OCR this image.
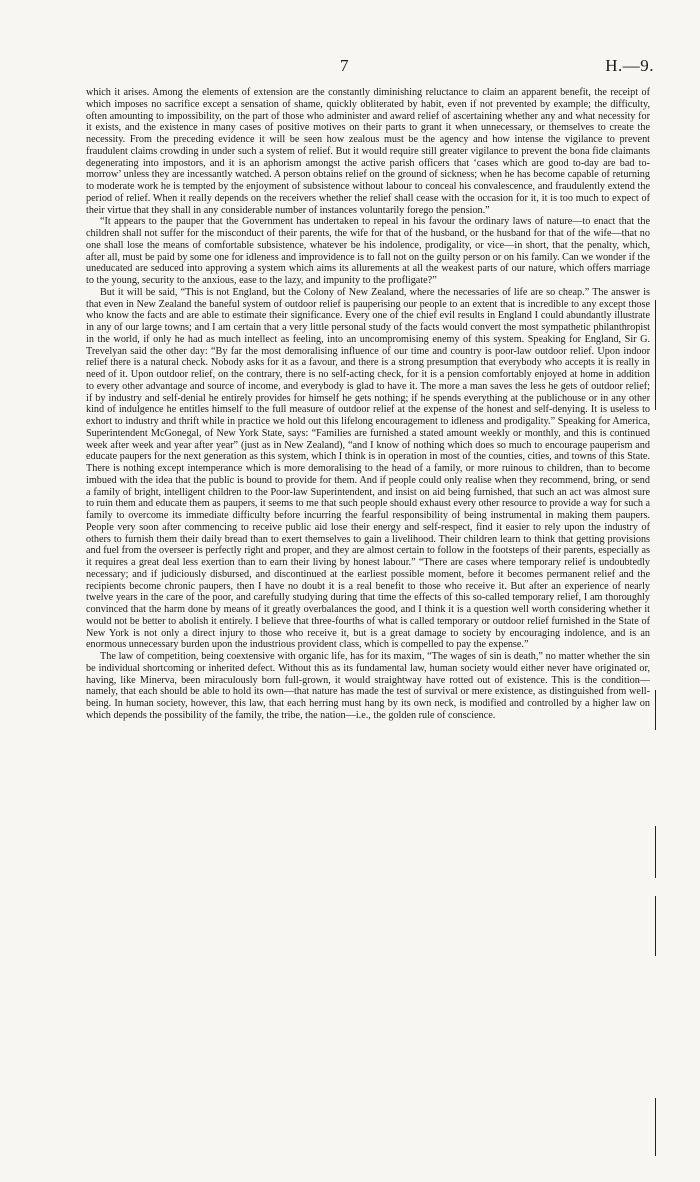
7	H.—9.

which it arises. Among the elements of extension are the constantly diminishing reluctance to claim an apparent benefit, the receipt of which imposes no sacrifice except a sensation of shame, quickly obliterated by habit, even if not prevented by example; the difficulty, often amounting to impossibility, on the part of those who administer and award relief of ascertaining whether any and what necessity for it exists, and the existence in many cases of positive motives on their parts to grant it when unnecessary, or themselves to create the necessity. From the preceding evidence it will be seen how zealous must be the agency and how intense the vigilance to prevent fraudulent claims crowding in under such a system of relief. But it would require still greater vigilance to prevent the bona fide claimants degenerating into impostors, and it is an aphorism amongst the active parish officers that ‘cases which are good to-day are bad to-morrow’ unless they are incessantly watched. A person obtains relief on the ground of sickness; when he has become capable of returning to moderate work he is tempted by the enjoyment of subsistence without labour to conceal his convalescence, and fraudulently extend the period of relief. When it really depends on the receivers whether the relief shall cease with the occasion for it, it is too much to expect of their virtue that they shall in any considerable number of instances voluntarily forego the pension.”

“It appears to the pauper that the Government has undertaken to repeal in his favour the ordinary laws of nature—to enact that the children shall not suffer for the misconduct of their parents, the wife for that of the husband, or the husband for that of the wife—that no one shall lose the means of comfortable subsistence, whatever be his indolence, prodigality, or vice—in short, that the penalty, which, after all, must be paid by some one for idleness and improvidence is to fall not on the guilty person or on his family. Can we wonder if the uneducated are seduced into approving a system which aims its allurements at all the weakest parts of our nature, which offers marriage to the young, security to the anxious, ease to the lazy, and impunity to the profligate?”

But it will be said, “This is not England, but the Colony of New Zealand, where the necessaries of life are so cheap.” The answer is that even in New Zealand the baneful system of outdoor relief is pauperising our people to an extent that is incredible to any except those who know the facts and are able to estimate their significance. Every one of the chief evil results in England I could abundantly illustrate in any of our large towns; and I am certain that a very little personal study of the facts would convert the most sympathetic philanthropist in the world, if only he had as much intellect as feeling, into an uncompromising enemy of this system. Speaking for England, Sir G. Trevelyan said the other day: “By far the most demoralising influence of our time and country is poor-law outdoor relief. Upon indoor relief there is a natural check. Nobody asks for it as a favour, and there is a strong presumption that everybody who accepts it is really in need of it. Upon outdoor relief, on the contrary, there is no self-acting check, for it is a pension comfortably enjoyed at home in addition to every other advantage and source of income, and everybody is glad to have it. The more a man saves the less he gets of outdoor relief; if by industry and self-denial he entirely provides for himself he gets nothing; if he spends everything at the publichouse or in any other kind of indulgence he entitles himself to the full measure of outdoor relief at the expense of the honest and self-denying. It is useless to exhort to industry and thrift while in practice we hold out this lifelong encouragement to idleness and prodigality.” Speaking for America, Superintendent McGonegal, of New York State, says: “Families are furnished a stated amount weekly or monthly, and this is continued week after week and year after year” (just as in New Zealand), “and I know of nothing which does so much to encourage pauperism and educate paupers for the next generation as this system, which I think is in operation in most of the counties, cities, and towns of this State. There is nothing except intemperance which is more demoralising to the head of a family, or more ruinous to children, than to become imbued with the idea that the public is bound to provide for them. And if people could only realise when they recommend, bring, or send a family of bright, intelligent children to the Poor-law Superintendent, and insist on aid being furnished, that such an act was almost sure to ruin them and educate them as paupers, it seems to me that such people should exhaust every other resource to provide a way for such a family to overcome its immediate difficulty before incurring the fearful responsibility of being instrumental in making them paupers. People very soon after commencing to receive public aid lose their energy and self-respect, find it easier to rely upon the industry of others to furnish them their daily bread than to exert themselves to gain a livelihood. Their children learn to think that getting provisions and fuel from the overseer is perfectly right and proper, and they are almost certain to follow in the footsteps of their parents, especially as it requires a great deal less exertion than to earn their living by honest labour.” “There are cases where temporary relief is undoubtedly necessary; and if judiciously disbursed, and discontinued at the earliest possible moment, before it becomes permanent relief and the recipients become chronic paupers, then I have no doubt it is a real benefit to those who receive it. But after an experience of nearly twelve years in the care of the poor, and carefully studying during that time the effects of this so-called temporary relief, I am thoroughly convinced that the harm done by means of it greatly overbalances the good, and I think it is a question well worth considering whether it would not be better to abolish it entirely. I believe that three-fourths of what is called temporary or outdoor relief furnished in the State of New York is not only a direct injury to those who receive it, but is a great damage to society by encouraging indolence, and is an enormous unnecessary burden upon the industrious provident class, which is compelled to pay the expense.”

The law of competition, being coextensive with organic life, has for its maxim, “The wages of sin is death,” no matter whether the sin be individual shortcoming or inherited defect. Without this as its fundamental law, human society would either never have originated or, having, like Minerva, been miraculously born full-grown, it would straightway have rotted out of existence. This is the condition—namely, that each should be able to hold its own—that nature has made the test of survival or mere existence, as distinguished from well-being. In human society, however, this law, that each herring must hang by its own neck, is modified and controlled by a higher law on which depends the possibility of the family, the tribe, the nation—i.e., the golden rule of conscience.
